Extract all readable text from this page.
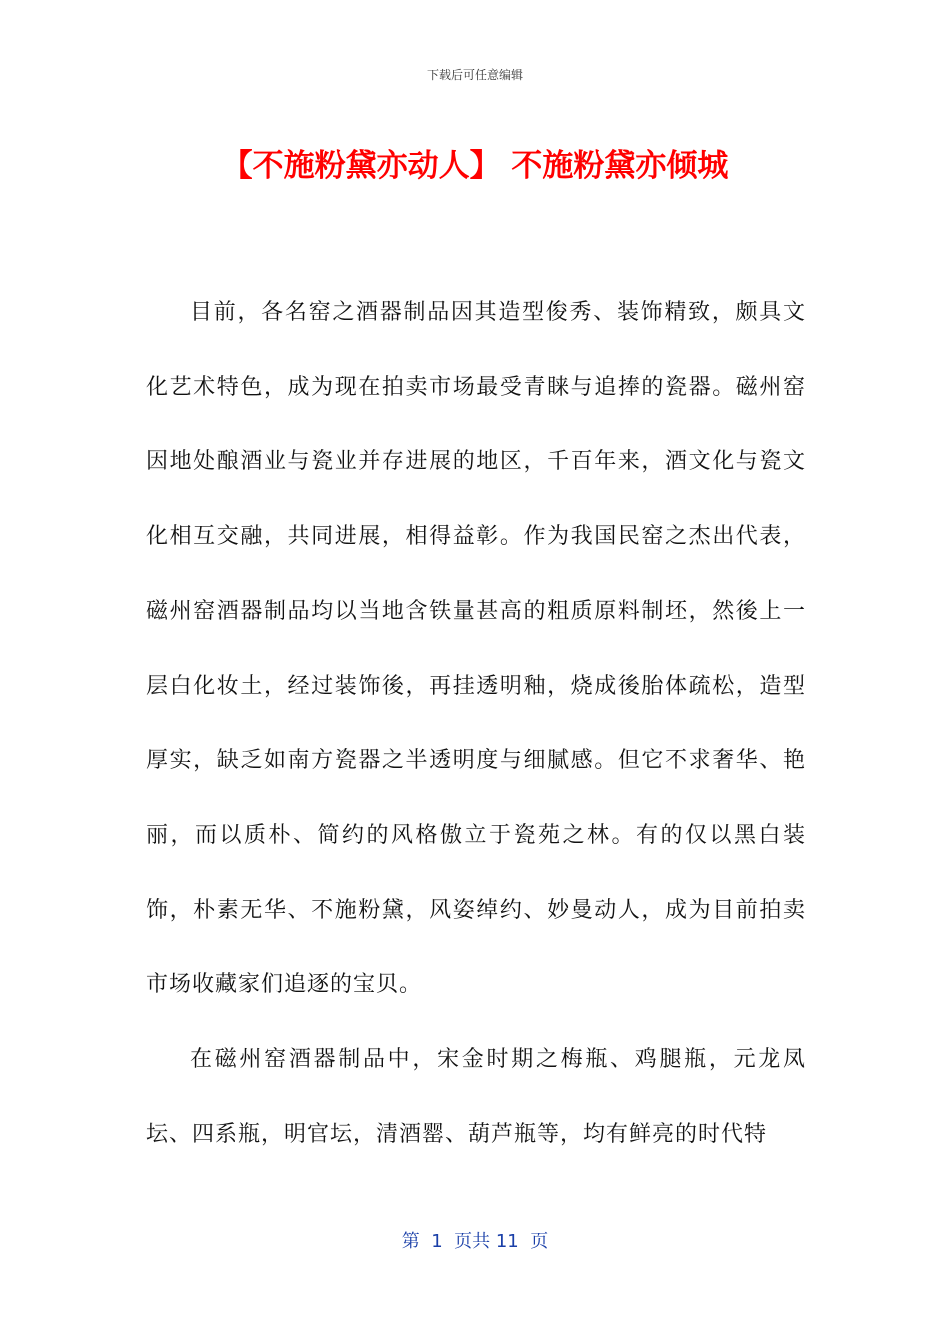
下载后可任意编辑
【不施粉黛亦动人】 不施粉黛亦倾城

目前，各名窑之酒器制品因其造型俊秀、装饰精致，颇具文化艺术特色，成为现在拍卖市场最受青睐与追捧的瓷器。磁州窑因地处酿酒业与瓷业并存进展的地区，千百年来，酒文化与瓷文化相互交融，共同进展，相得益彰。作为我国民窑之杰出代表，磁州窑酒器制品均以当地含铁量甚高的粗质原料制坯，然後上一层白化妆土，经过装饰後，再挂透明釉，烧成後胎体疏松，造型厚实，缺乏如南方瓷器之半透明度与细腻感。但它不求奢华、艳丽，而以质朴、简约的风格傲立于瓷苑之林。有的仅以黑白装饰，朴素无华、不施粉黛，风姿绰约、妙曼动人，成为目前拍卖市场收藏家们追逐的宝贝。

在磁州窑酒器制品中，宋金时期之梅瓶、鸡腿瓶，元龙凤坛、四系瓶，明官坛，清酒罂、葫芦瓶等，均有鲜亮的时代特

第  1  页共 11  页
